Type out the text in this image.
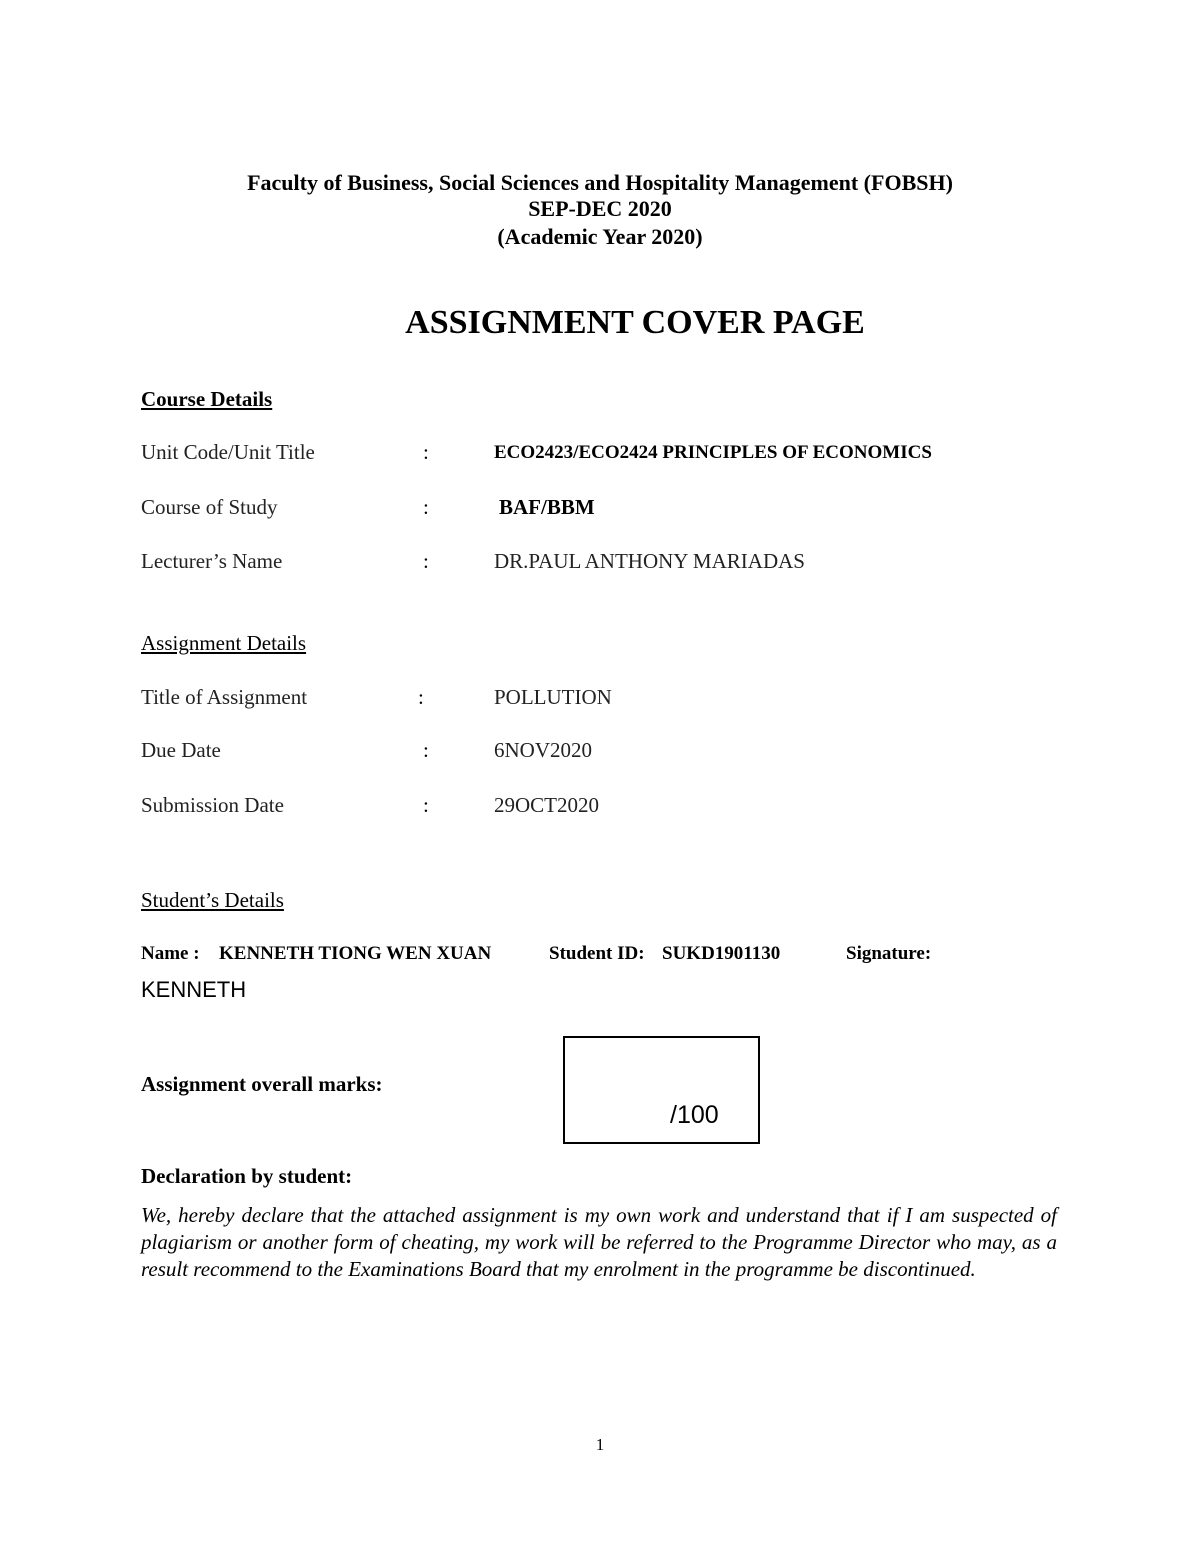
Faculty of Business, Social Sciences and Hospitality Management (FOBSH)
SEP-DEC 2020
(Academic Year 2020)
ASSIGNMENT COVER PAGE
Course Details
Unit Code/Unit Title	:	ECO2423/ECO2424 PRINCIPLES OF ECONOMICS
Course of Study	:	BAF/BBM
Lecturer’s Name	:	DR.PAUL ANTHONY MARIADAS
Assignment Details
Title of Assignment	:	POLLUTION
Due Date	:	6NOV2020
Submission Date	:	29OCT2020
Student’s Details
Name : KENNETH TIONG WEN XUAN	Student ID: SUKD1901130	Signature:
KENNETH
Assignment overall marks:
/100
Declaration by student:
We, hereby declare that the attached assignment is my own work and understand that if I am suspected of plagiarism or another form of cheating, my work will be referred to the Programme Director who may, as a result recommend to the Examinations Board that my enrolment in the programme be discontinued.
1
